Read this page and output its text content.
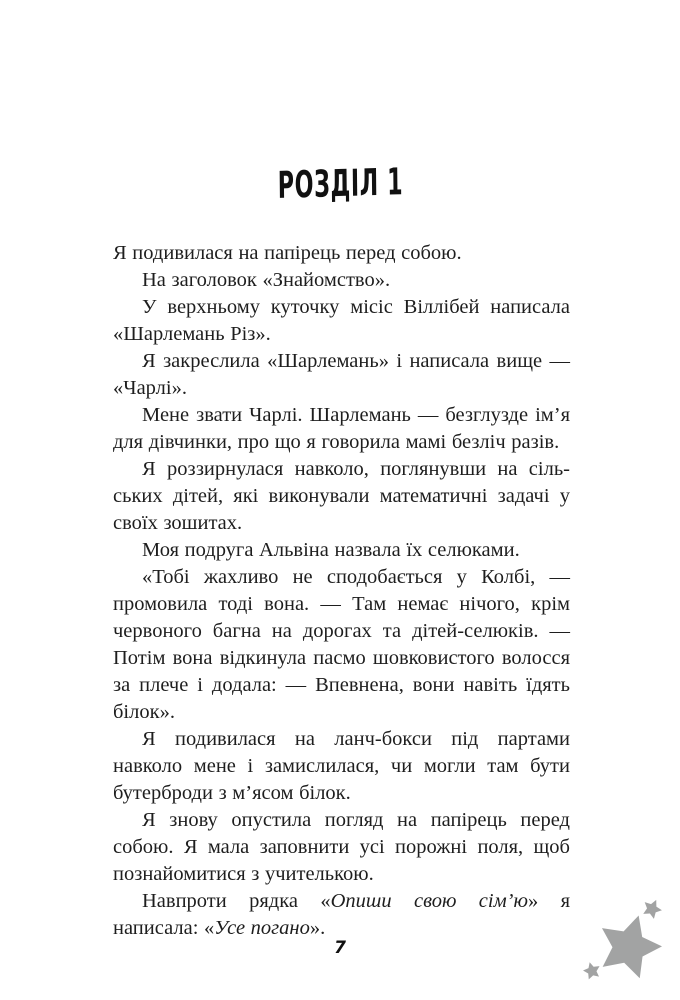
РОЗДІЛ 1

Я подивилася на папірець перед собою.

На заголовок «Знайомство».

У верхньому куточку місіс Віллібей написала «Шарлемань Різ».

Я закреслила «Шарлемань» і написала вище — «Чарлі».

Мене звати Чарлі. Шарлемань — безглузде ім’я для дівчинки, про що я говорила мамі безліч разів.

Я роззирнулася навколо, поглянувши на сільських дітей, які виконували математичні задачі у своїх зошитах.

Моя подруга Альвіна назвала їх селюками.

«Тобі жахливо не сподобається у Колбі, — промовила тоді вона. — Там немає нічого, крім червоного багна на дорогах та дітей-селюків. — Потім вона відкинула пасмо шовковистого волосся за плече і додала: — Впевнена, вони навіть їдять білок».

Я подивилася на ланч-бокси під партами навколо мене і замислилася, чи могли там бути бутерброди з м’ясом білок.

Я знову опустила погляд на папірець перед собою. Я мала заповнити усі порожні поля, щоб познайомитися з учителькою.

Навпроти рядка «Опиши свою сім’ю» я написала: «Усе погано».

7
